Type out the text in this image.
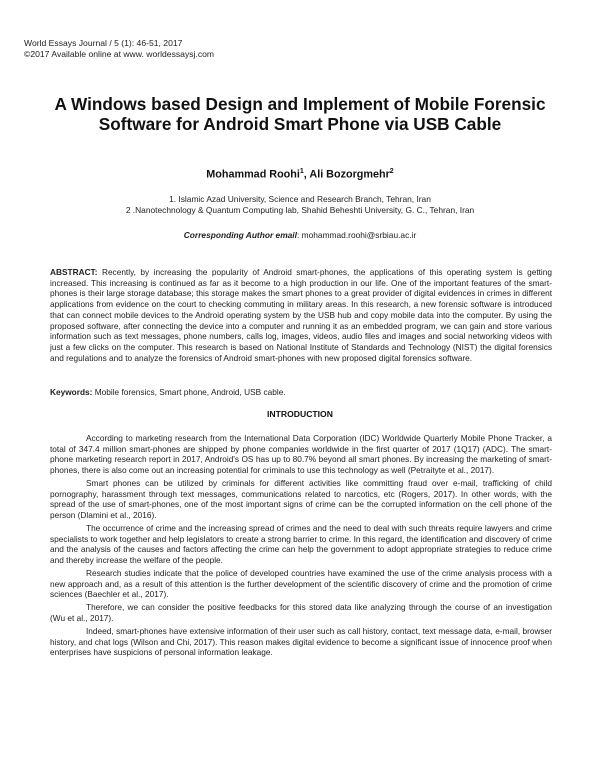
World Essays Journal / 5 (1): 46-51, 2017
©2017 Available online at www. worldessaysj.com
A Windows based Design and Implement of Mobile Forensic Software for Android Smart Phone via USB Cable
Mohammad Roohi$^1$, Ali Bozorgmehr$^2$
1. Islamic Azad University, Science and Research Branch, Tehran, Iran
2 .Nanotechnology & Quantum Computing lab, Shahid Beheshti University, G. C., Tehran, Iran
Corresponding Author email: mohammad.roohi@srbiau.ac.ir
ABSTRACT: Recently, by increasing the popularity of Android smart-phones, the applications of this operating system is getting increased. This increasing is continued as far as it become to a high production in our life. One of the important features of the smart-phones is their large storage database; this storage makes the smart phones to a great provider of digital evidences in crimes in different applications from evidence on the court to checking commuting in military areas. In this research, a new forensic software is introduced that can connect mobile devices to the Android operating system by the USB hub and copy mobile data into the computer. By using the proposed software, after connecting the device into a computer and running it as an embedded program, we can gain and store various information such as text messages, phone numbers, calls log, images, videos, audio files and images and social networking videos with just a few clicks on the computer. This research is based on National Institute of Standards and Technology (NIST) the digital forensics and regulations and to analyze the forensics of Android smart-phones with new proposed digital forensics software.
Keywords: Mobile forensics, Smart phone, Android, USB cable.
INTRODUCTION

According to marketing research from the International Data Corporation (IDC) Worldwide Quarterly Mobile Phone Tracker, a total of 347.4 million smart-phones are shipped by phone companies worldwide in the first quarter of 2017 (1Q17) (ADC). The smart-phone marketing research report in 2017, Android's OS has up to 80.7% beyond all smart phones. By increasing the marketing of smart-phones, there is also come out an increasing potential for criminals to use this technology as well (Petraityte et al., 2017).

Smart phones can be utilized by criminals for different activities like committing fraud over e-mail, trafficking of child pornography, harassment through text messages, communications related to narcotics, etc (Rogers, 2017). In other words, with the spread of the use of smart-phones, one of the most important signs of crime can be the corrupted information on the cell phone of the person (Dlamini et al., 2016).

The occurrence of crime and the increasing spread of crimes and the need to deal with such threats require lawyers and crime specialists to work together and help legislators to create a strong barrier to crime. In this regard, the identification and discovery of crime and the analysis of the causes and factors affecting the crime can help the government to adopt appropriate strategies to reduce crime and thereby increase the welfare of the people.

Research studies indicate that the police of developed countries have examined the use of the crime analysis process with a new approach and, as a result of this attention is the further development of the scientific discovery of crime and the promotion of crime sciences (Baechler et al., 2017).

Therefore, we can consider the positive feedbacks for this stored data like analyzing through the course of an investigation (Wu et al., 2017).

Indeed, smart-phones have extensive information of their user such as call history, contact, text message data, e-mail, browser history, and chat logs (Wilson and Chi, 2017). This reason makes digital evidence to become a significant issue of innocence proof when enterprises have suspicions of personal information leakage.
